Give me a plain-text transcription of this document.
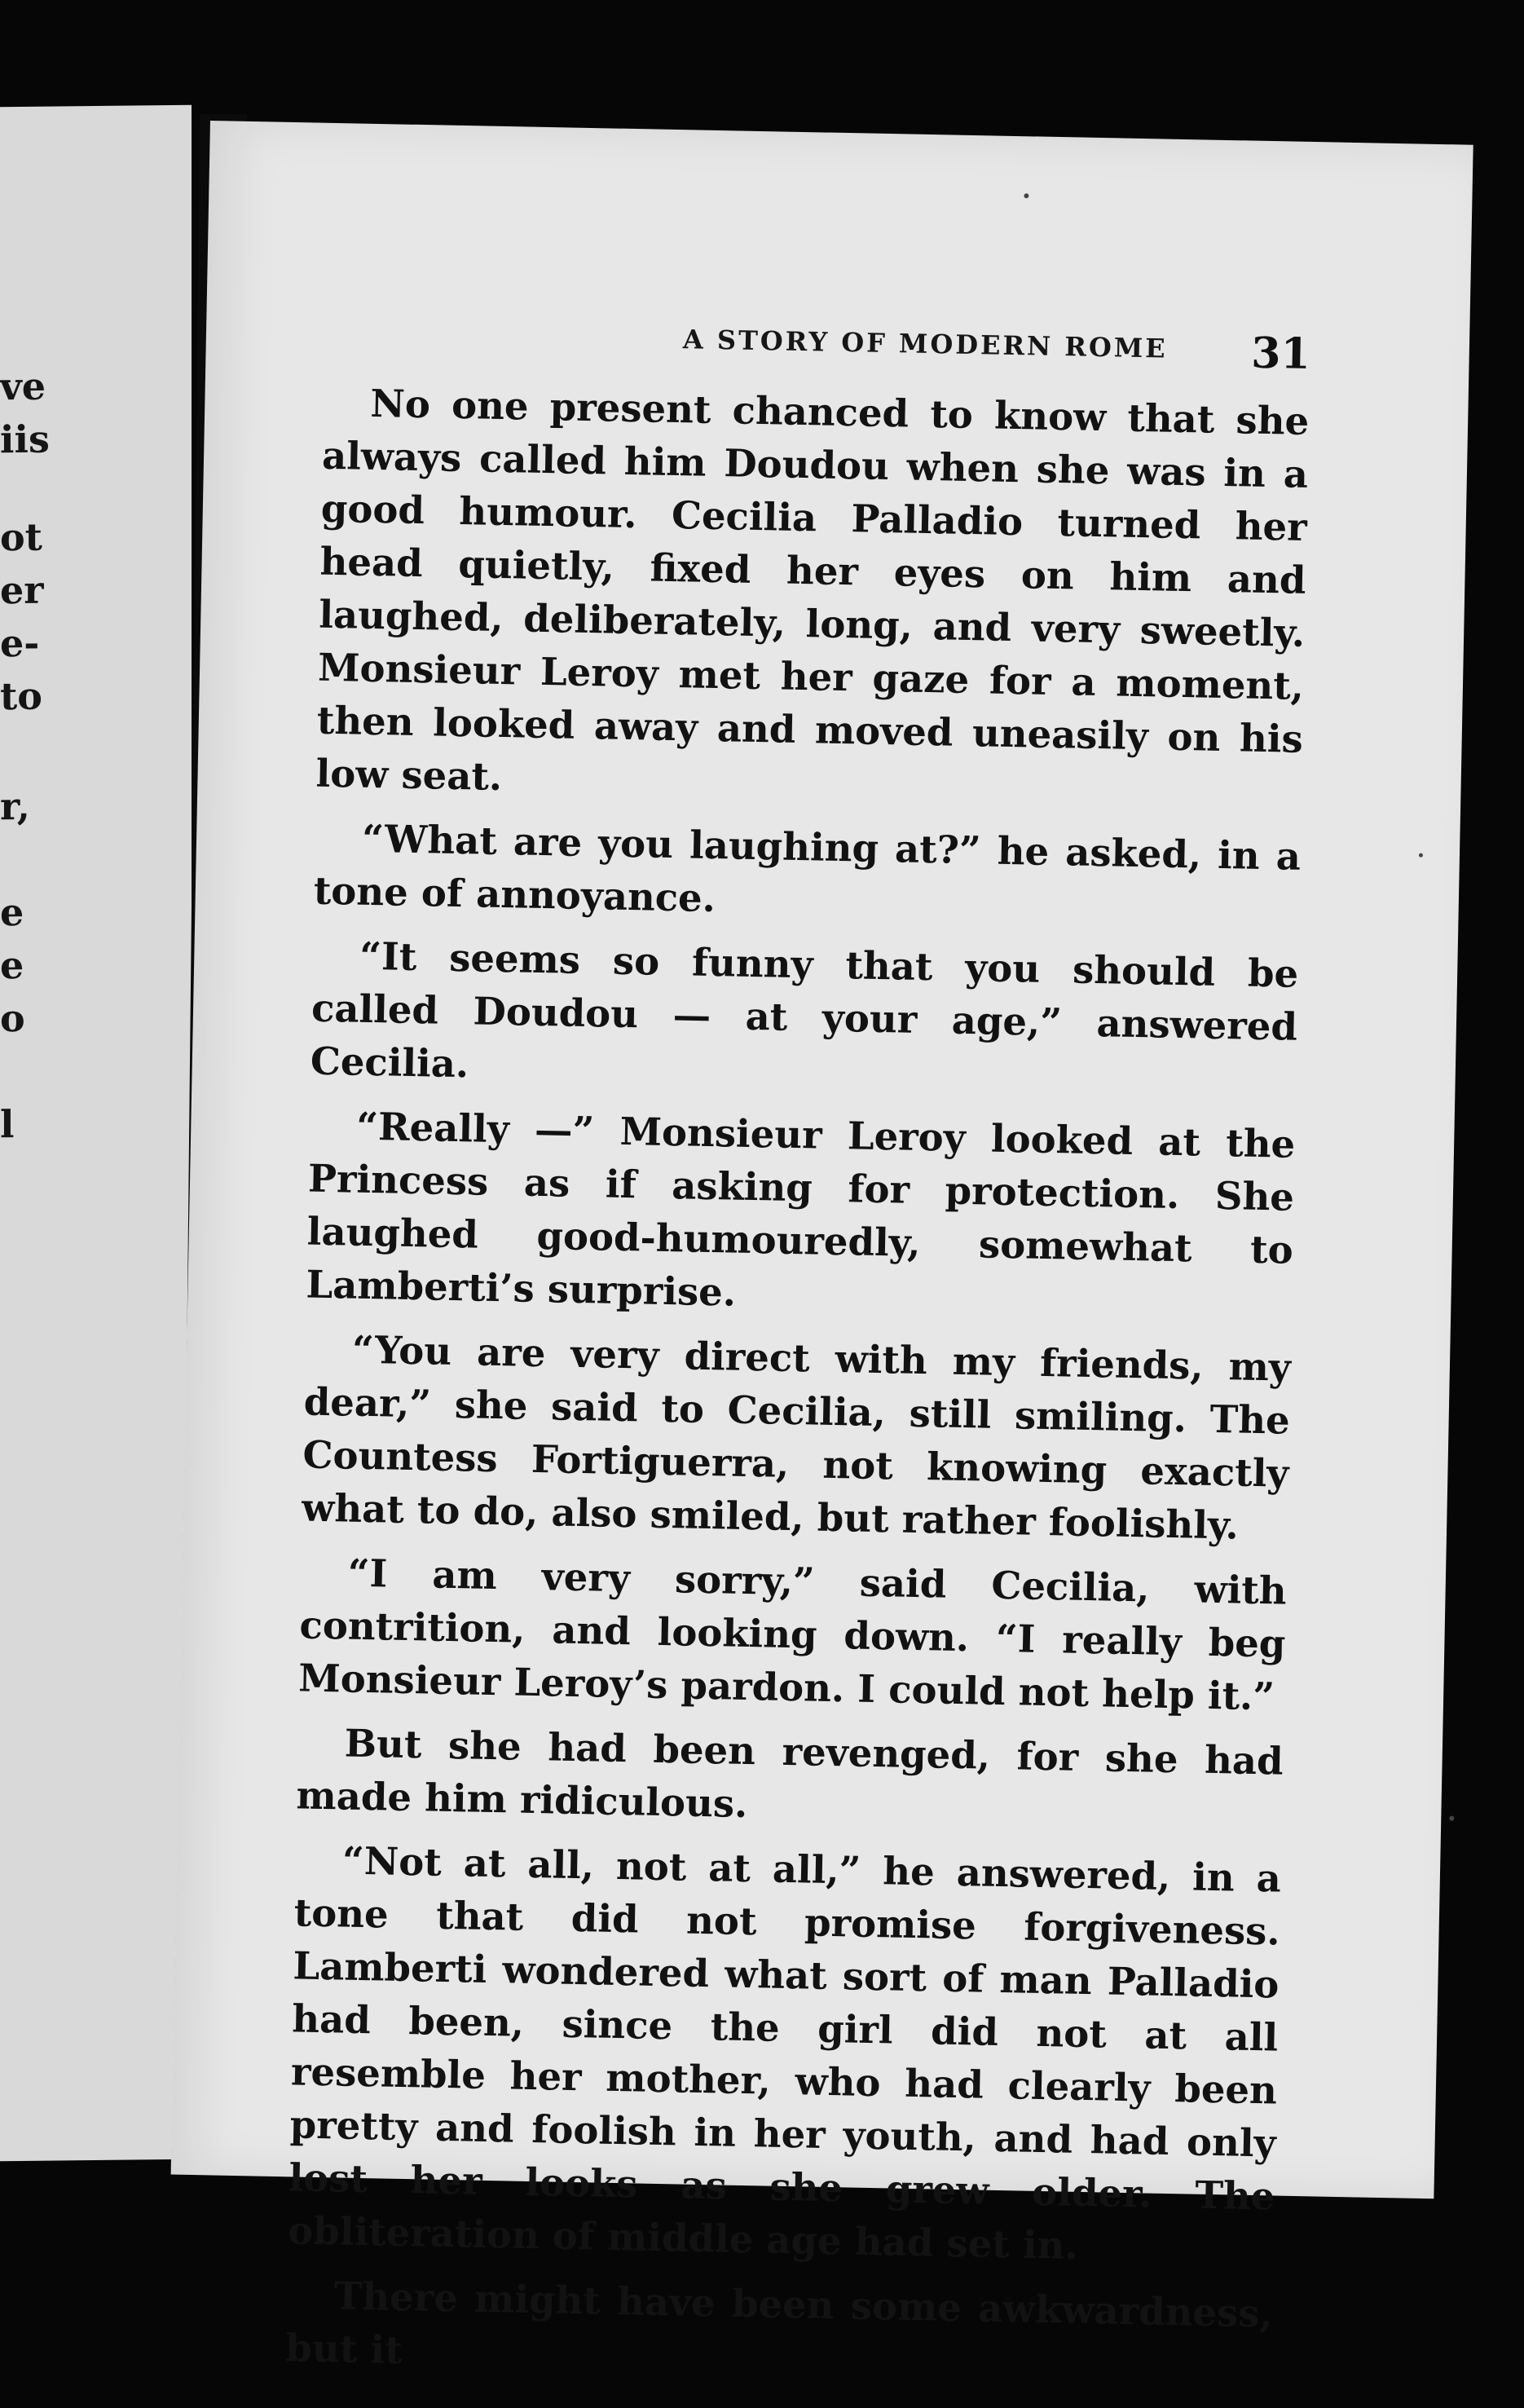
ve
iis
ot
er
e-
to
r,
e
e
o
l
A STORY OF MODERN ROME 31

No one present chanced to know that she always called him Doudou when she was in a good humour. Cecilia Palladio turned her head quietly, fixed her eyes on him and laughed, deliberately, long, and very sweetly. Monsieur Leroy met her gaze for a moment, then looked away and moved uneasily on his low seat.

“What are you laughing at?” he asked, in a tone of annoyance.

“It seems so funny that you should be called Doudou — at your age,” answered Cecilia.

“Really —” Monsieur Leroy looked at the Princess as if asking for protection. She laughed good-humouredly, somewhat to Lamberti’s surprise.

“You are very direct with my friends, my dear,” she said to Cecilia, still smiling. The Countess Fortiguerra, not knowing exactly what to do, also smiled, but rather foolishly.

“I am very sorry,” said Cecilia, with contrition, and looking down. “I really beg Monsieur Leroy’s pardon. I could not help it.”

But she had been revenged, for she had made him ridiculous.

“Not at all, not at all,” he answered, in a tone that did not promise forgiveness. Lamberti wondered what sort of man Palladio had been, since the girl did not at all resemble her mother, who had clearly been pretty and foolish in her youth, and had only lost her looks as she grew older. The obliteration of middle age had set in.

There might have been some awkwardness, but it
